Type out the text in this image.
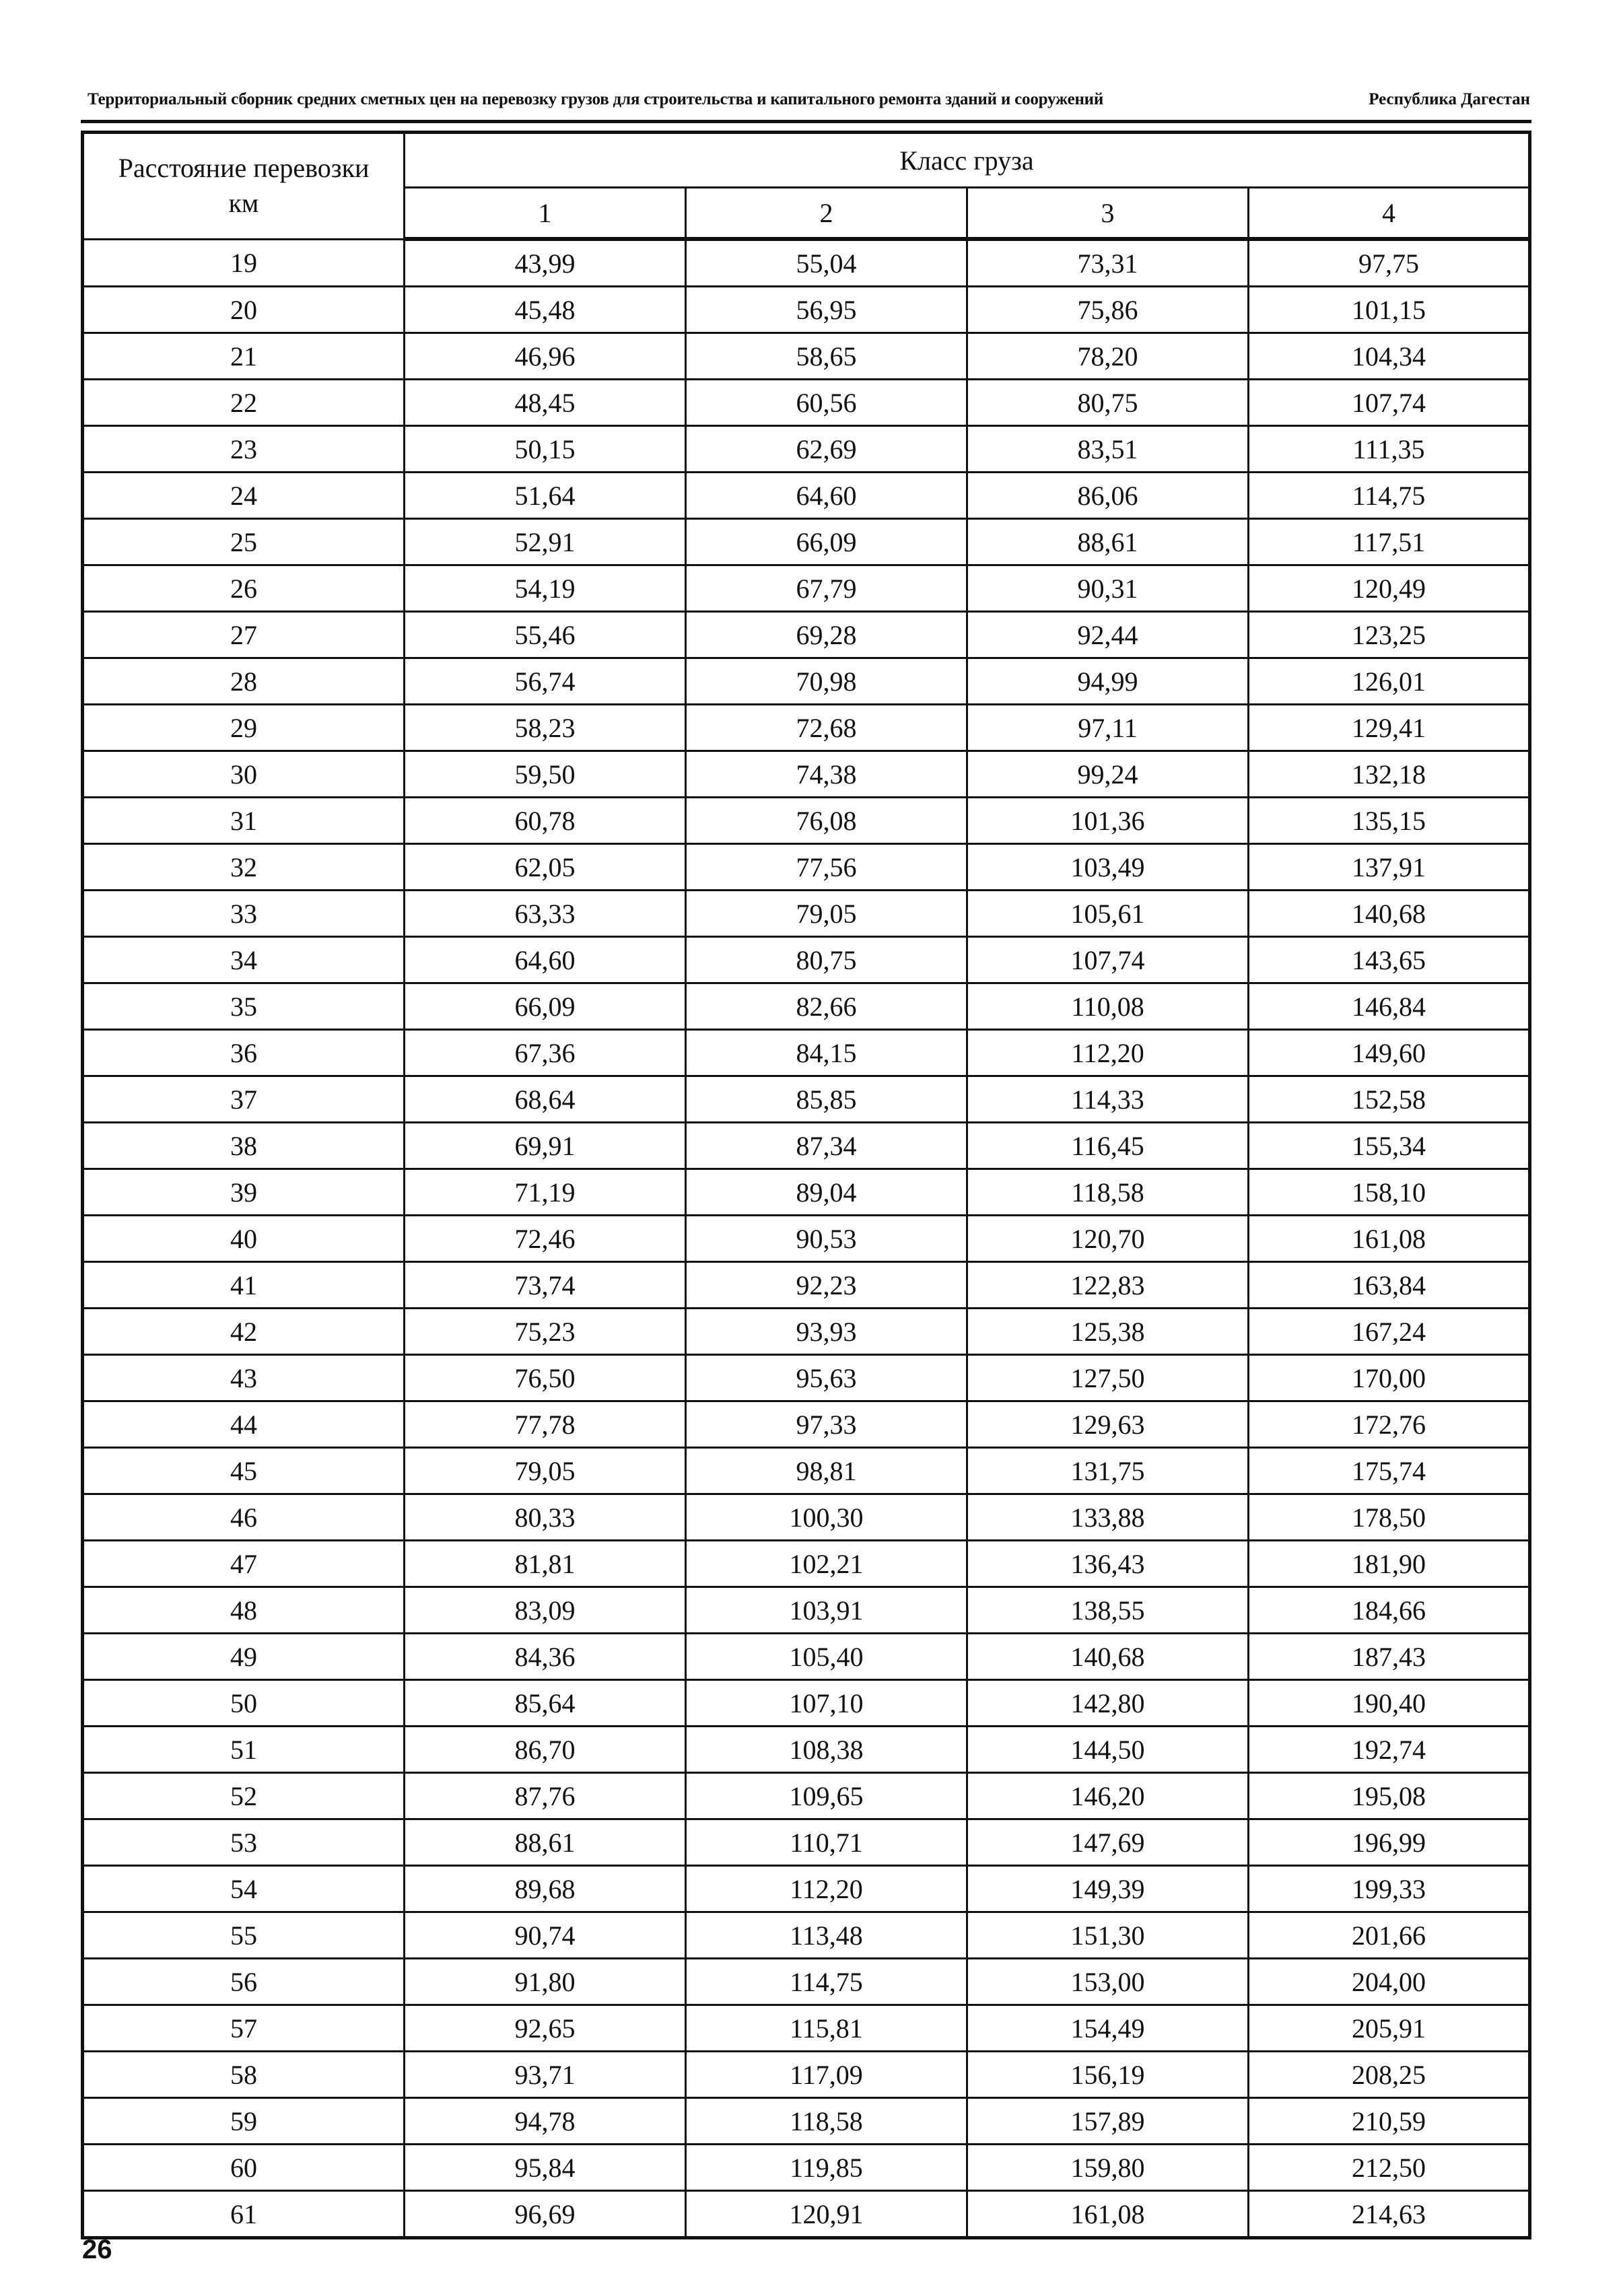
Территориальный сборник средних сметных цен на перевозку грузов для строительства и капитального ремонта зданий и сооружений	Республика Дагестан
Расстояние перевозки
км	Класс груза			
	1	2	3	4
19	43,99	55,04	73,31	97,75
20	45,48	56,95	75,86	101,15
21	46,96	58,65	78,20	104,34
22	48,45	60,56	80,75	107,74
23	50,15	62,69	83,51	111,35
24	51,64	64,60	86,06	114,75
25	52,91	66,09	88,61	117,51
26	54,19	67,79	90,31	120,49
27	55,46	69,28	92,44	123,25
28	56,74	70,98	94,99	126,01
29	58,23	72,68	97,11	129,41
30	59,50	74,38	99,24	132,18
31	60,78	76,08	101,36	135,15
32	62,05	77,56	103,49	137,91
33	63,33	79,05	105,61	140,68
34	64,60	80,75	107,74	143,65
35	66,09	82,66	110,08	146,84
36	67,36	84,15	112,20	149,60
37	68,64	85,85	114,33	152,58
38	69,91	87,34	116,45	155,34
39	71,19	89,04	118,58	158,10
40	72,46	90,53	120,70	161,08
41	73,74	92,23	122,83	163,84
42	75,23	93,93	125,38	167,24
43	76,50	95,63	127,50	170,00
44	77,78	97,33	129,63	172,76
45	79,05	98,81	131,75	175,74
46	80,33	100,30	133,88	178,50
47	81,81	102,21	136,43	181,90
48	83,09	103,91	138,55	184,66
49	84,36	105,40	140,68	187,43
50	85,64	107,10	142,80	190,40
51	86,70	108,38	144,50	192,74
52	87,76	109,65	146,20	195,08
53	88,61	110,71	147,69	196,99
54	89,68	112,20	149,39	199,33
55	90,74	113,48	151,30	201,66
56	91,80	114,75	153,00	204,00
57	92,65	115,81	154,49	205,91
58	93,71	117,09	156,19	208,25
59	94,78	118,58	157,89	210,59
60	95,84	119,85	159,80	212,50
61	96,69	120,91	161,08	214,63
26
